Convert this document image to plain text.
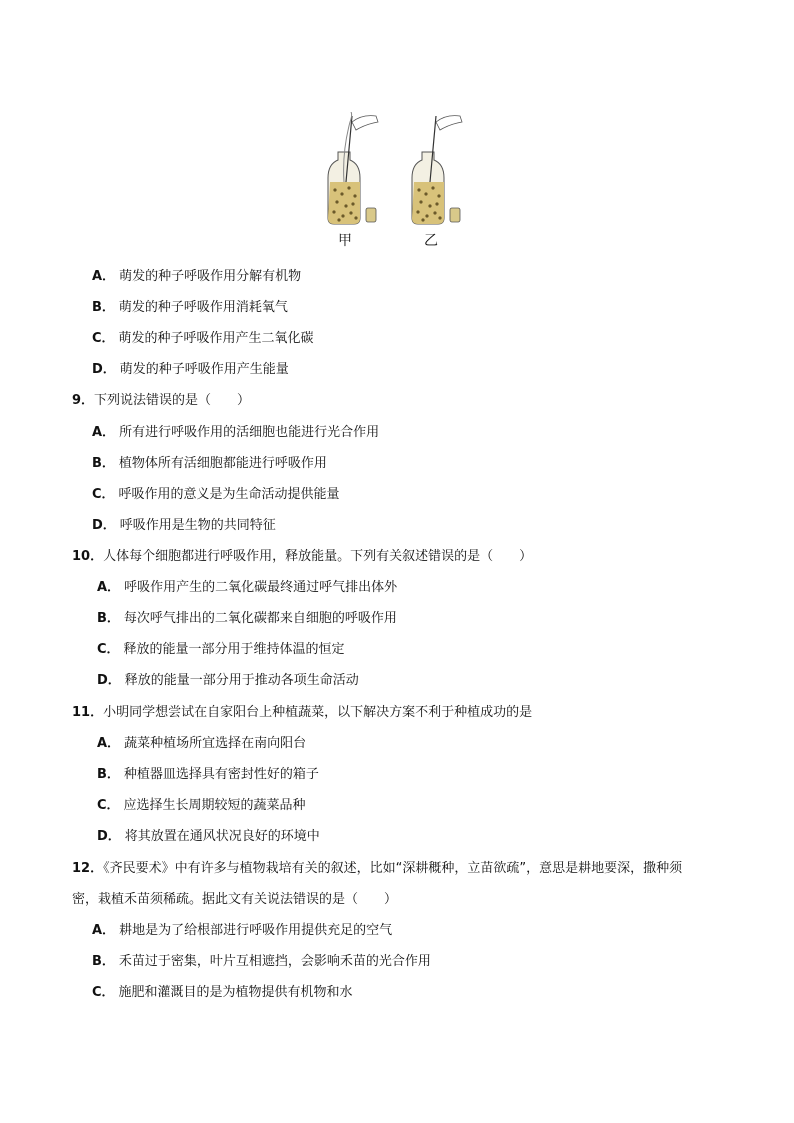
甲	乙
A． 萌发的种子呼吸作用分解有机物
B． 萌发的种子呼吸作用消耗氧气
C． 萌发的种子呼吸作用产生二氧化碳
D． 萌发的种子呼吸作用产生能量
9．下列说法错误的是（　　）
A． 所有进行呼吸作用的活细胞也能进行光合作用
B． 植物体所有活细胞都能进行呼吸作用
C． 呼吸作用的意义是为生命活动提供能量
D． 呼吸作用是生物的共同特征
10．人体每个细胞都进行呼吸作用，释放能量。下列有关叙述错误的是（　　）
A． 呼吸作用产生的二氧化碳最终通过呼气排出体外
B． 每次呼气排出的二氧化碳都来自细胞的呼吸作用
C． 释放的能量一部分用于维持体温的恒定
D． 释放的能量一部分用于推动各项生命活动
11．小明同学想尝试在自家阳台上种植蔬菜，以下解决方案不利于种植成功的是
A． 蔬菜种植场所宜选择在南向阳台
B． 种植器皿选择具有密封性好的箱子
C． 应选择生长周期较短的蔬菜品种
D． 将其放置在通风状况良好的环境中
12．《齐民要术》中有许多与植物栽培有关的叙述，比如“深耕穊种，立苗欲疏”，意思是耕地要深，撒种须
密，栽植禾苗须稀疏。据此文有关说法错误的是（　　）
A． 耕地是为了给根部进行呼吸作用提供充足的空气
B． 禾苗过于密集，叶片互相遮挡，会影响禾苗的光合作用
C． 施肥和灌溉目的是为植物提供有机物和水
